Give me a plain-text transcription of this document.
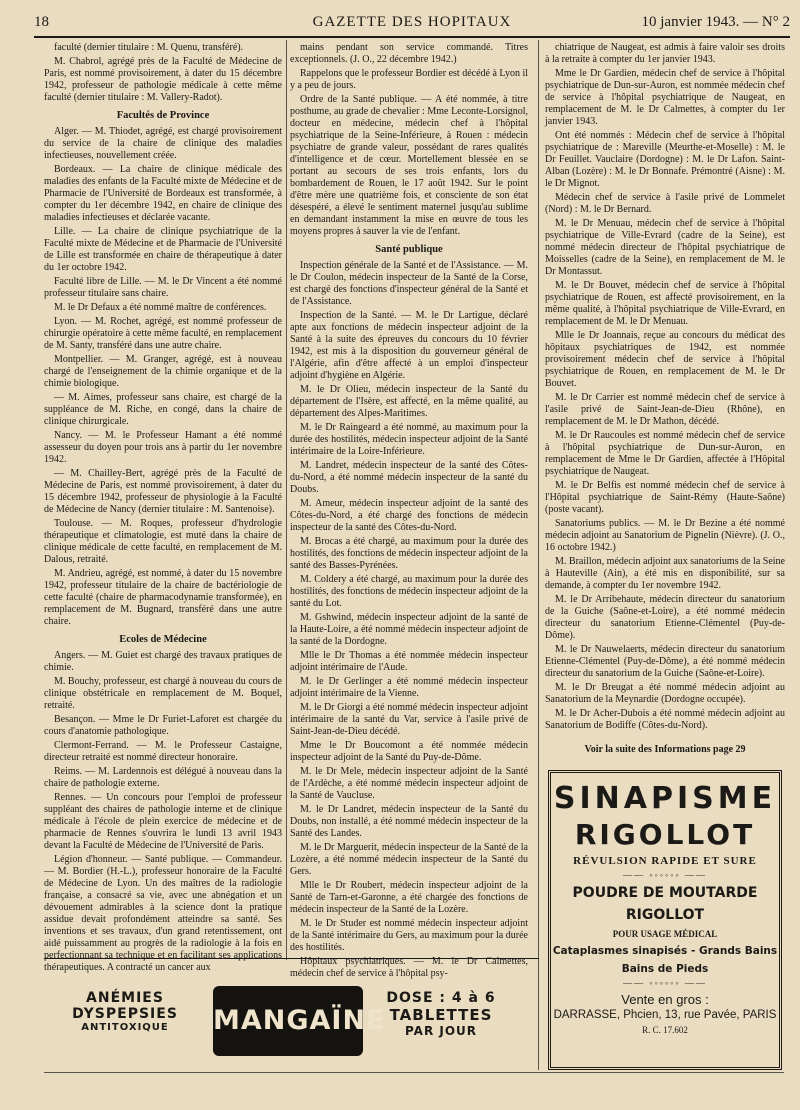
18	GAZETTE DES HOPITAUX	10 janvier 1943. — N° 2

faculté (dernier titulaire : M. Quenu, transféré).

M. Chabrol, agrégé près de la Faculté de Médecine de Paris, est nommé provisoirement, à dater du 15 décembre 1942, professeur de pathologie médicale à cette même faculté (dernier titulaire : M. Vallery-Radot).

Facultés de Province

Alger. — M. Thiodet, agrégé, est chargé provisoirement du service de la chaire de clinique des maladies infectieuses, nouvellement créée.

Bordeaux. — La chaire de clinique médicale des maladies des enfants de la Faculté mixte de Médecine et de Pharmacie de l'Université de Bordeaux est transformée, à compter du 1er décembre 1942, en chaire de clinique des maladies infectieuses et déclarée vacante.

Lille. — La chaire de clinique psychiatrique de la Faculté mixte de Médecine et de Pharmacie de l'Université de Lille est transformée en chaire de thérapeutique à dater du 1er octobre 1942.

Faculté libre de Lille. — M. le Dr Vincent a été nommé professeur titulaire sans chaire.

M. le Dr Defaux a été nommé maître de conférences.

Lyon. — M. Rochet, agrégé, est nommé professeur de chirurgie opératoire à cette même faculté, en remplacement de M. Santy, transféré dans une autre chaire.

Montpellier. — M. Granger, agrégé, est à nouveau chargé de l'enseignement de la chimie organique et de la chimie biologique.

— M. Aimes, professeur sans chaire, est chargé de la suppléance de M. Riche, en congé, dans la chaire de clinique chirurgicale.

Nancy. — M. le Professeur Hamant a été nommé assesseur du doyen pour trois ans à partir du 1er novembre 1942.

— M. Chailley-Bert, agrégé près de la Faculté de Médecine de Paris, est nommé provisoirement, à dater du 15 décembre 1942, professeur de physiologie à la Faculté de Médecine de Nancy (dernier titulaire : M. Santenoise).

Toulouse. — M. Roques, professeur d'hydrologie thérapeutique et climatologie, est muté dans la chaire de clinique médicale de cette faculté, en remplacement de M. Dalous, retraité.

M. Andrieu, agrégé, est nommé, à dater du 15 novembre 1942, professeur titulaire de la chaire de bactériologie de cette faculté (chaire de pharmacodynamie transformée), en remplacement de M. Bugnard, transféré dans une autre chaire.

Ecoles de Médecine

Angers. — M. Guiet est chargé des travaux pratiques de chimie.

M. Bouchy, professeur, est chargé à nouveau du cours de clinique obstétricale en remplacement de M. Boquel, retraité.

Besançon. — Mme le Dr Furiet-Laforet est chargée du cours d'anatomie pathologique.

Clermont-Ferrand. — M. le Professeur Castaigne, directeur retraité est nommé directeur honoraire.

Reims. — M. Lardennois est délégué à nouveau dans la chaire de pathologie externe.

Rennes. — Un concours pour l'emploi de professeur suppléant des chaires de pathologie interne et de clinique médicale à l'école de plein exercice de médecine et de pharmacie de Rennes s'ouvrira le lundi 13 avril 1943 devant la Faculté de Médecine de l'Université de Paris.

Légion d'honneur. — Santé publique. — Commandeur. — M. Bordier (H.-L.), professeur honoraire de la Faculté de Médecine de Lyon. Un des maîtres de la radiologie française, a consacré sa vie, avec une abnégation et un dévouement admirables à la science dont la pratique assidue devait profondément atteindre sa santé. Ses inventions et ses travaux, d'un grand retentissement, ont aidé puissamment au progrès de la radiologie à la fois en perfectionnant sa technique et en facilitant ses applications thérapeutiques. A contracté un cancer aux

mains pendant son service commandé. Titres exceptionnels. (J. O., 22 décembre 1942.)

Rappelons que le professeur Bordier est décédé à Lyon il y a peu de jours.

Ordre de la Santé publique. — A été nommée, à titre posthume, au grade de chevalier : Mme Leconte-Lorsignol, docteur en médecine, médecin chef à l'hôpital psychiatrique de la Seine-Inférieure, à Rouen : médecin psychiatre de grande valeur, possédant de rares qualités d'intelligence et de cœur. Mortellement blessée en se portant au secours de ses trois enfants, lors du bombardement de Rouen, le 17 août 1942. Sur le point d'être mère une quatrième fois, et consciente de son état désespéré, a élevé le sentiment maternel jusqu'au sublime en demandant instamment la mise en œuvre de tous les moyens propres à sauver la vie de l'enfant.

Santé publique

Inspection générale de la Santé et de l'Assistance. — M. le Dr Coulon, médecin inspecteur de la Santé de la Corse, est chargé des fonctions d'inspecteur général de la Santé et de l'Assistance.

Inspection de la Santé. — M. le Dr Lartigue, déclaré apte aux fonctions de médecin inspecteur adjoint de la Santé à la suite des épreuves du concours du 10 février 1942, est mis à la disposition du gouverneur général de l'Algérie, afin d'être affecté à un emploi d'inspecteur adjoint d'hygiène en Algérie.

M. le Dr Olieu, médecin inspecteur de la Santé du département de l'Isère, est affecté, en la même qualité, au département des Alpes-Maritimes.

M. le Dr Raingeard a été nommé, au maximum pour la durée des hostilités, médecin inspecteur adjoint de la Santé intérimaire de la Loire-Inférieure.

M. Landret, médecin inspecteur de la santé des Côtes-du-Nord, a été nommé médecin inspecteur de la santé du Doubs.

M. Ameur, médecin inspecteur adjoint de la santé des Côtes-du-Nord, a été chargé des fonctions de médecin inspecteur de la santé des Côtes-du-Nord.

M. Brocas a été chargé, au maximum pour la durée des hostilités, des fonctions de médecin inspecteur adjoint de la santé des Basses-Pyrénées.

M. Coldery a été chargé, au maximum pour la durée des hostilités, des fonctions de médecin inspecteur adjoint de la santé du Lot.

M. Gshwind, médecin inspecteur adjoint de la santé de la Haute-Loire, a été nommé médecin inspecteur adjoint de la santé de la Dordogne.

Mlle le Dr Thomas a été nommée médecin inspecteur adjoint intérimaire de l'Aude.

M. le Dr Gerlinger a été nommé médecin inspecteur adjoint intérimaire de la Vienne.

M. le Dr Giorgi a été nommé médecin inspecteur adjoint intérimaire de la santé du Var, service à l'asile privé de Saint-Jean-de-Dieu décédé.

Mme le Dr Boucomont a été nommée médecin inspecteur adjoint de la Santé du Puy-de-Dôme.

M. le Dr Mele, médecin inspecteur adjoint de la Santé de l'Ardèche, a été nommé médecin inspecteur adjoint de la Santé de Vaucluse.

M. le Dr Landret, médecin inspecteur de la Santé du Doubs, non installé, a été nommé médecin inspecteur de la Santé des Landes.

M. le Dr Marguerit, médecin inspecteur de la Santé de la Lozère, a été nommé médecin inspecteur de la Santé du Gers.

Mlle le Dr Roubert, médecin inspecteur adjoint de la Santé de Tarn-et-Garonne, a été chargée des fonctions de médecin inspecteur de la Santé de la Lozère.

M. le Dr Studer est nommé médecin inspecteur adjoint de la Santé intérimaire du Gers, au maximum pour la durée des hostilités.

Hôpitaux psychiatriques. — M. le Dr Calmettes, médecin chef de service à l'hôpital psy-

chiatrique de Naugeat, est admis à faire valoir ses droits à la retraite à compter du 1er janvier 1943.

Mme le Dr Gardien, médecin chef de service à l'hôpital psychiatrique de Dun-sur-Auron, est nommée médecin chef de service à l'hôpital psychiatrique de Naugeat, en remplacement de M. le Dr Calmettes, à compter du 1er janvier 1943.

Ont été nommés : Médecin chef de service à l'hôpital psychiatrique de : Mareville (Meurthe-et-Moselle) : M. le Dr Feuillet. Vauclaire (Dordogne) : M. le Dr Lafon. Saint-Alban (Lozère) : M. le Dr Bonnafe. Prémontré (Aisne) : M. le Dr Mignot.

Médecin chef de service à l'asile privé de Lommelet (Nord) : M. le Dr Bernard.

M. le Dr Menuau, médecin chef de service à l'hôpital psychiatrique de Ville-Evrard (cadre de la Seine), est nommé médecin directeur de l'hôpital psychiatrique de Moisselles (cadre de la Seine), en remplacement de M. le Dr Montassut.

M. le Dr Bouvet, médecin chef de service à l'hôpital psychiatrique de Rouen, est affecté provisoirement, en la même qualité, à l'hôpital psychiatrique de Ville-Evrard, en remplacement de M. le Dr Menuau.

Mlle le Dr Joannais, reçue au concours du médicat des hôpitaux psychiatriques de 1942, est nommée provisoirement médecin chef de service à l'hôpital psychiatrique de Rouen, en remplacement de M. le Dr Bouvet.

M. le Dr Carrier est nommé médecin chef de service à l'asile privé de Saint-Jean-de-Dieu (Rhône), en remplacement de M. le Dr Mathon, décédé.

M. le Dr Raucoules est nommé médecin chef de service à l'hôpital psychiatrique de Dun-sur-Auron, en remplacement de Mme le Dr Gardien, affectée à l'Hôpital psychiatrique de Naugeat.

M. le Dr Belfis est nommé médecin chef de service à l'Hôpital psychiatrique de Saint-Rémy (Haute-Saône) (poste vacant).

Sanatoriums publics. — M. le Dr Bezine a été nommé médecin adjoint au Sanatorium de Pignelin (Nièvre). (J. O., 16 octobre 1942.)

M. Braillon, médecin adjoint aux sanatoriums de la Seine à Hauteville (Ain), a été mis en disponibilité, sur sa demande, à compter du 1er novembre 1942.

M. le Dr Arribehaute, médecin directeur du sanatorium de la Guiche (Saône-et-Loire), a été nommé médecin directeur du sanatorium Etienne-Clémentel (Puy-de-Dôme).

M. le Dr Nauwelaerts, médecin directeur du sanatorium Etienne-Clémentel (Puy-de-Dôme), a été nommé médecin directeur du sanatorium de la Guiche (Saône-et-Loire).

M. le Dr Breugat a été nommé médecin adjoint au Sanatorium de la Meynardie (Dordogne occupée).

M. le Dr Acher-Dubois a été nommé médecin adjoint au Sanatorium de Bodiffe (Côtes-du-Nord).

Voir la suite des Informations page 29
SINAPISME
RIGOLLOT
RÉVULSION RAPIDE ET SURE
—— ◦◦◦◦◦◦ ——
POUDRE DE MOUTARDE
RIGOLLOT
POUR USAGE MÉDICAL
Cataplasmes sinapisés - Grands Bains
Bains de Pieds
—— ◦◦◦◦◦◦ ——
Vente en gros :
DARRASSE, Phcien, 13, rue Pavée, PARIS
R. C. 17.602
ANÉMIES
DYSPEPSIES
ANTITOXIQUE	MANGAÏNE
DOSE : 4 à 6
TABLETTES
PAR JOUR
